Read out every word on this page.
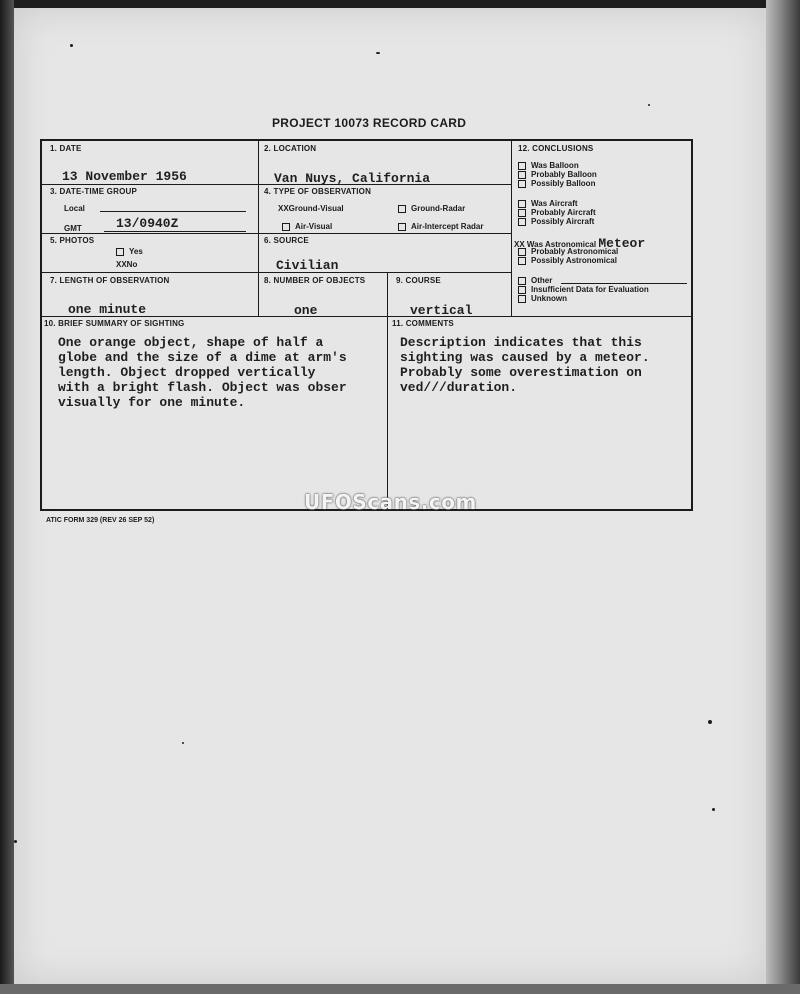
PROJECT 10073 RECORD CARD
1. DATE
13 November 1956
2. LOCATION
Van Nuys, California
3. DATE-TIME GROUP
Local
GMT	13/0940Z
4. TYPE OF OBSERVATION
XXGround-Visual	Ground-Radar
Air-Visual	Air-Intercept Radar
5. PHOTOS
Yes
XXNo
6. SOURCE
Civilian
7. LENGTH OF OBSERVATION
one minute
8. NUMBER OF OBJECTS
one
9. COURSE
vertical
12. CONCLUSIONS
Was Balloon
Probably Balloon
Possibly Balloon
Was Aircraft
Probably Aircraft
Possibly Aircraft
XX Was Astronomical Meteor
Probably Astronomical
Possibly Astronomical
Other
Insufficient Data for Evaluation
Unknown
10. BRIEF SUMMARY OF SIGHTING
One orange object, shape of half a
globe and the size of a dime at arm's
length. Object dropped vertically
with a bright flash. Object was obser
visually for one minute.
11. COMMENTS
Description indicates that this
sighting was caused by a meteor.
Probably some overestimation on
ved///duration.
UFOScans.com
ATIC FORM 329 (REV 26 SEP 52)
